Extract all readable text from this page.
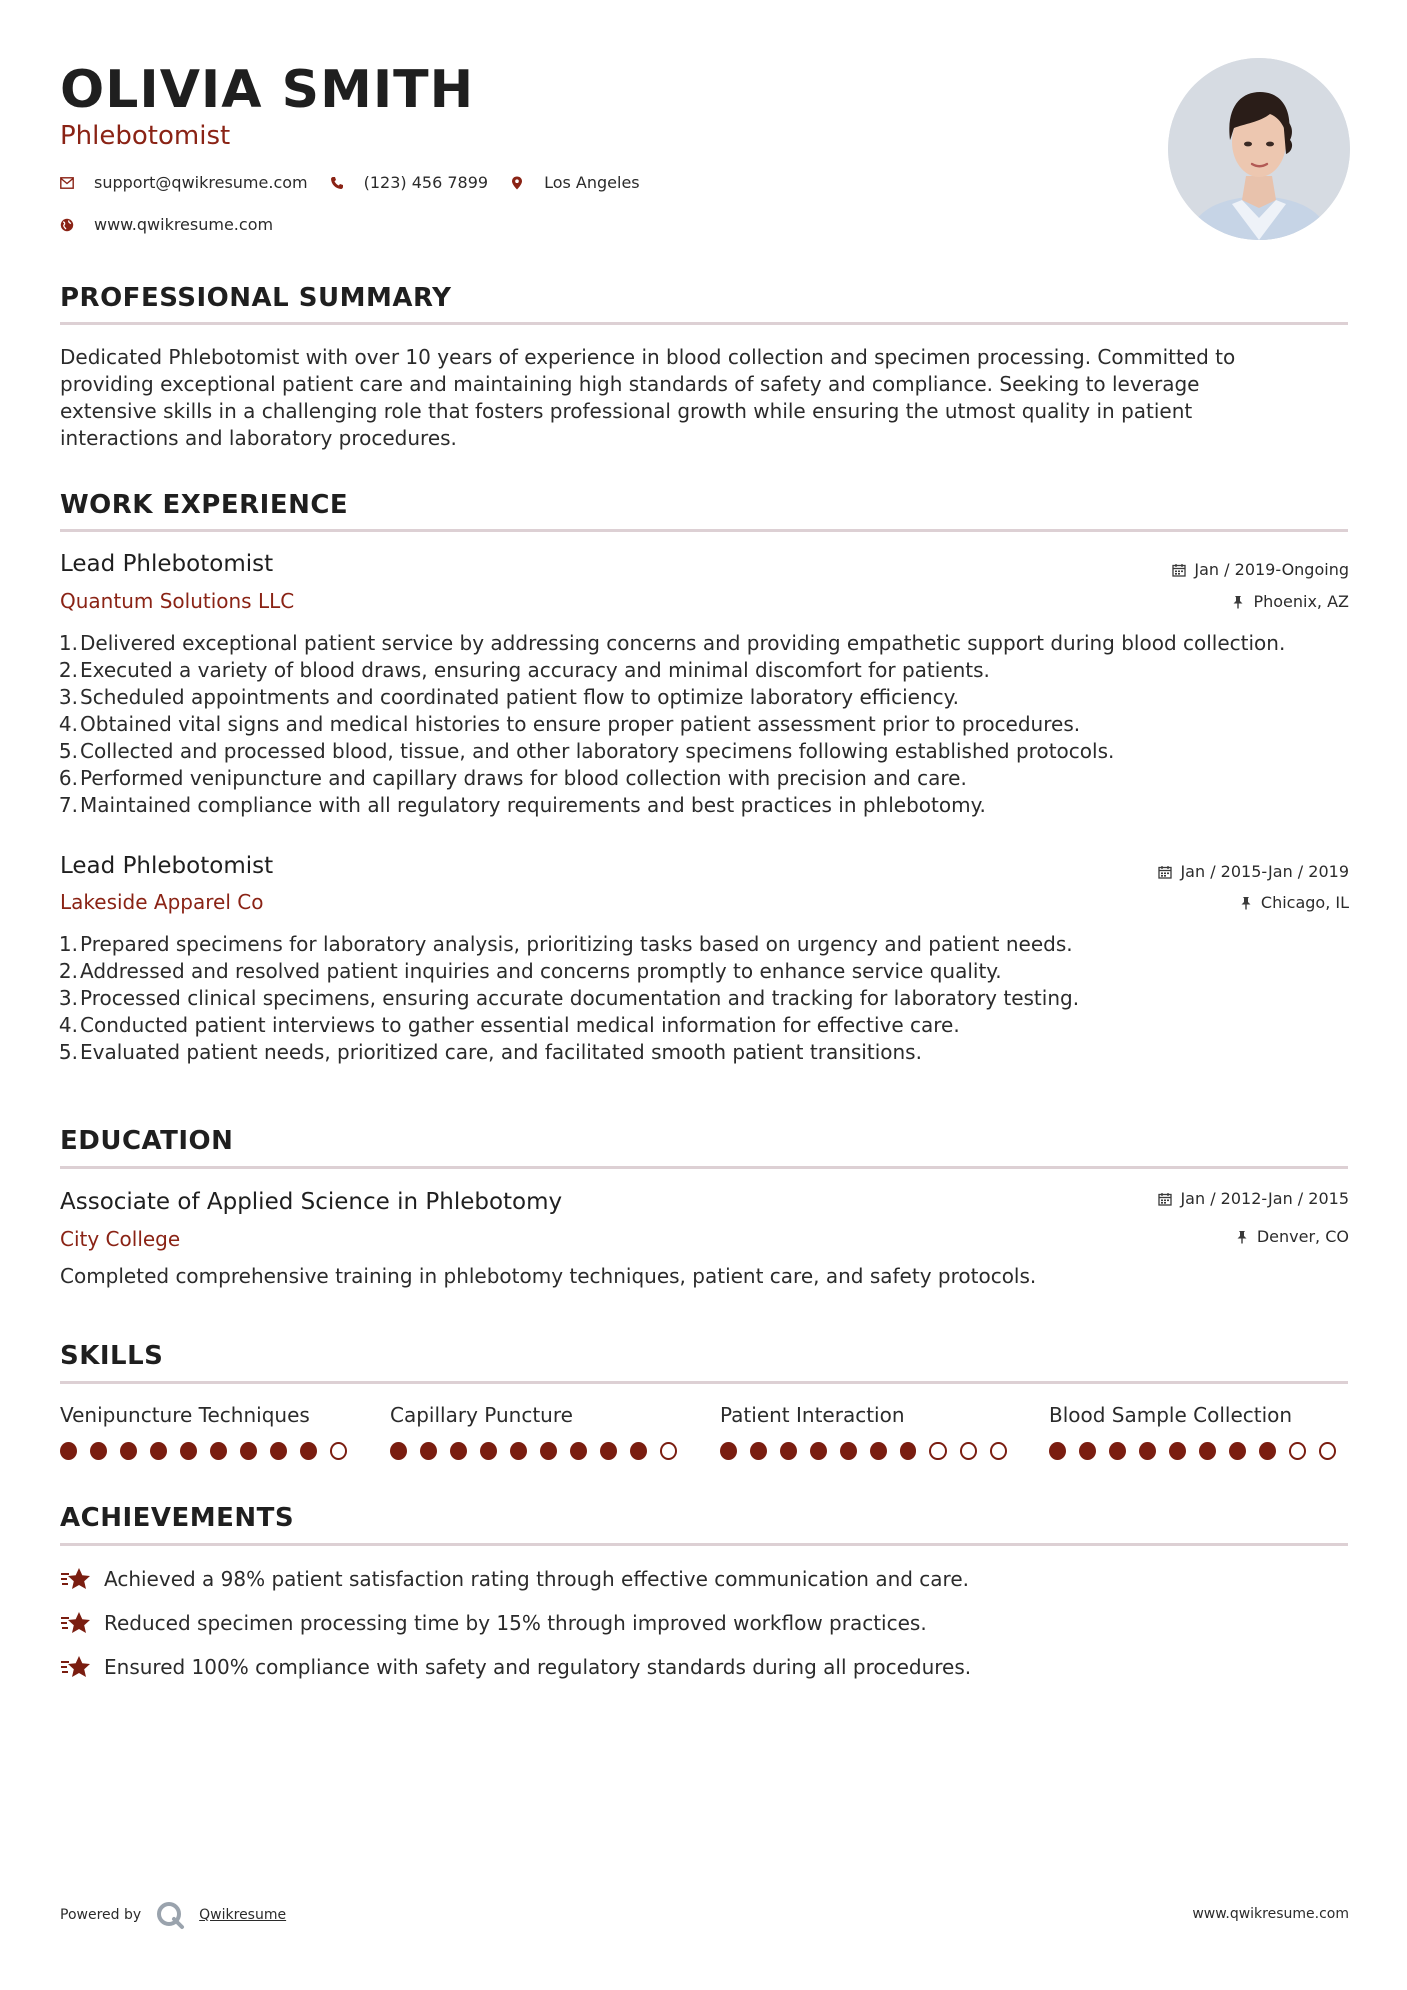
OLIVIA SMITH
Phlebotomist
support@qwikresume.com	(123) 456 7899	Los Angeles
www.qwikresume.com
PROFESSIONAL SUMMARY
Dedicated Phlebotomist with over 10 years of experience in blood collection and specimen processing. Committed to
providing exceptional patient care and maintaining high standards of safety and compliance. Seeking to leverage
extensive skills in a challenging role that fosters professional growth while ensuring the utmost quality in patient
interactions and laboratory procedures.
WORK EXPERIENCE
Lead Phlebotomist
Quantum Solutions LLC
Jan / 2019-Ongoing
Phoenix, AZ
1. Delivered exceptional patient service by addressing concerns and providing empathetic support during blood collection.
2. Executed a variety of blood draws, ensuring accuracy and minimal discomfort for patients.
3. Scheduled appointments and coordinated patient flow to optimize laboratory efficiency.
4. Obtained vital signs and medical histories to ensure proper patient assessment prior to procedures.
5. Collected and processed blood, tissue, and other laboratory specimens following established protocols.
6. Performed venipuncture and capillary draws for blood collection with precision and care.
7. Maintained compliance with all regulatory requirements and best practices in phlebotomy.
Lead Phlebotomist
Lakeside Apparel Co
Jan / 2015-Jan / 2019
Chicago, IL
1. Prepared specimens for laboratory analysis, prioritizing tasks based on urgency and patient needs.
2. Addressed and resolved patient inquiries and concerns promptly to enhance service quality.
3. Processed clinical specimens, ensuring accurate documentation and tracking for laboratory testing.
4. Conducted patient interviews to gather essential medical information for effective care.
5. Evaluated patient needs, prioritized care, and facilitated smooth patient transitions.
EDUCATION
Associate of Applied Science in Phlebotomy
City College
Jan / 2012-Jan / 2015
Denver, CO
Completed comprehensive training in phlebotomy techniques, patient care, and safety protocols.
SKILLS
Venipuncture Techniques	Capillary Puncture	Patient Interaction	Blood Sample Collection
ACHIEVEMENTS
Achieved a 98% patient satisfaction rating through effective communication and care.
Reduced specimen processing time by 15% through improved workflow practices.
Ensured 100% compliance with safety and regulatory standards during all procedures.
Powered by	Qwikresume	www.qwikresume.com
